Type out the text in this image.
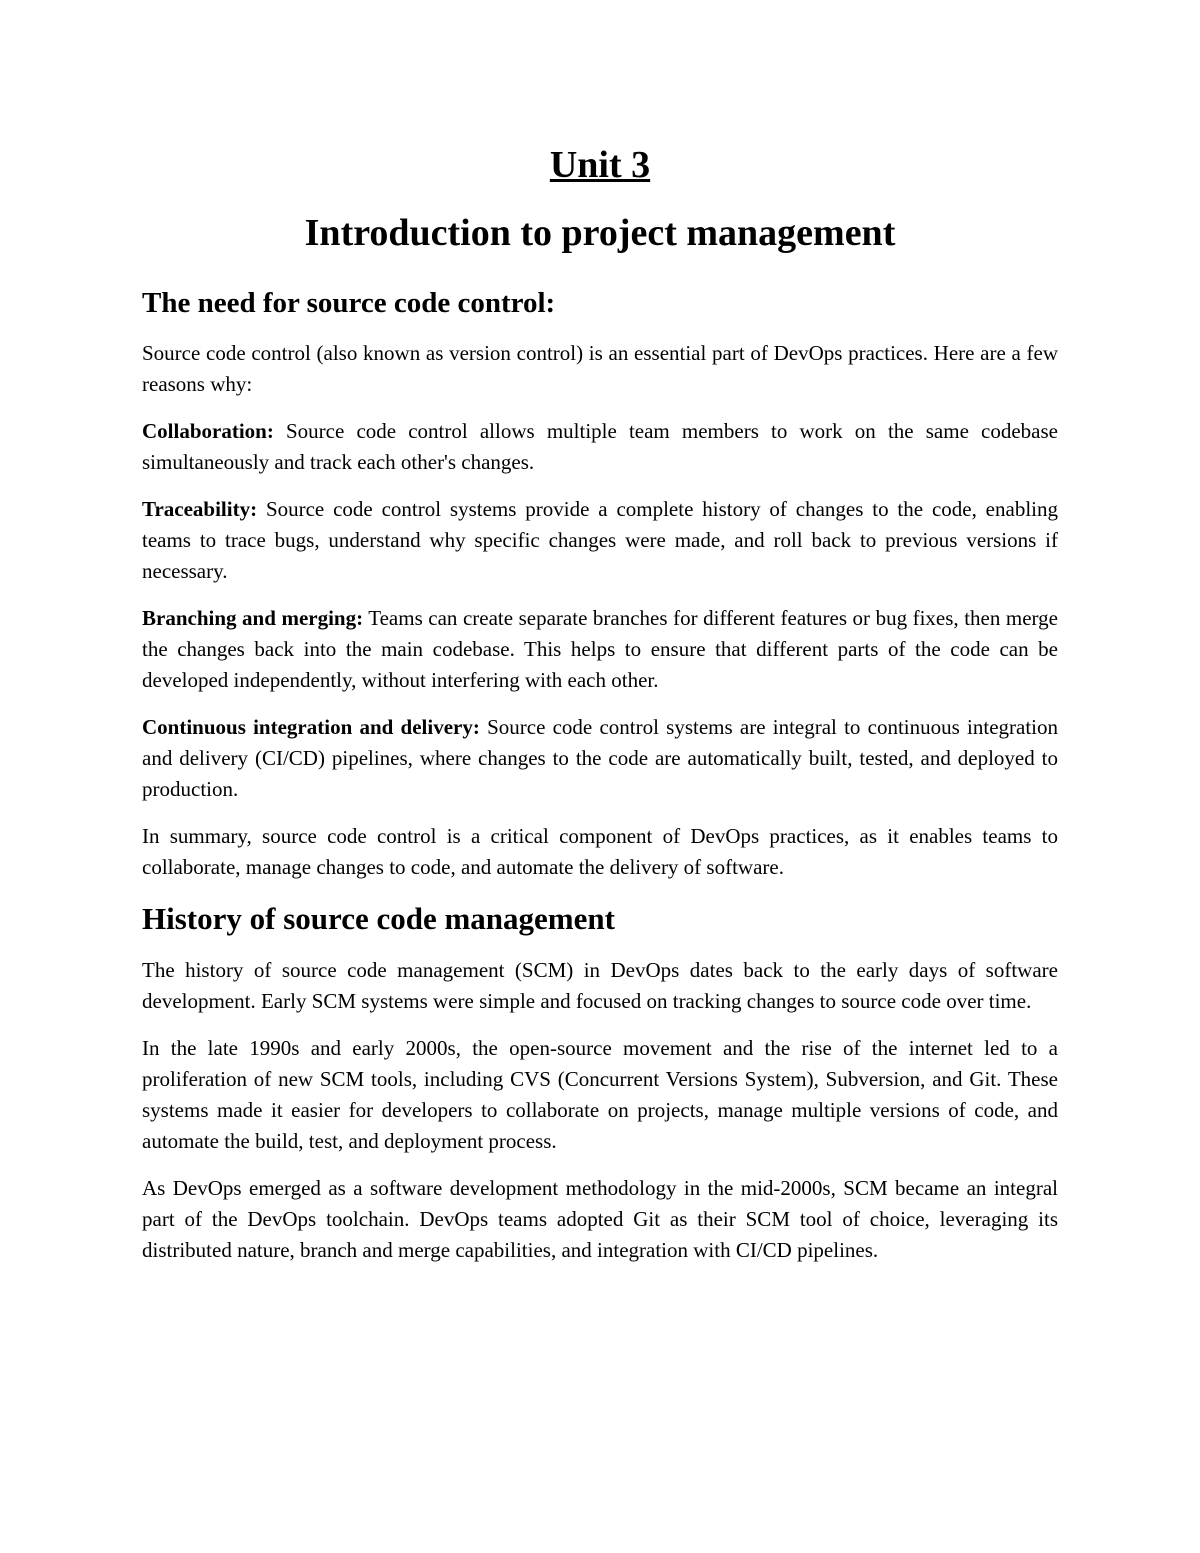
Unit 3
Introduction to project management
The need for source code control:

Source code control (also known as version control) is an essential part of DevOps practices. Here are a few reasons why:

Collaboration: Source code control allows multiple team members to work on the same codebase simultaneously and track each other's changes.

Traceability: Source code control systems provide a complete history of changes to the code, enabling teams to trace bugs, understand why specific changes were made, and roll back to previous versions if necessary.

Branching and merging: Teams can create separate branches for different features or bug fixes, then merge the changes back into the main codebase. This helps to ensure that different parts of the code can be developed independently, without interfering with each other.

Continuous integration and delivery: Source code control systems are integral to continuous integration and delivery (CI/CD) pipelines, where changes to the code are automatically built, tested, and deployed to production.

In summary, source code control is a critical component of DevOps practices, as it enables teams to collaborate, manage changes to code, and automate the delivery of software.

History of source code management

The history of source code management (SCM) in DevOps dates back to the early days of software development. Early SCM systems were simple and focused on tracking changes to source code over time.

In the late 1990s and early 2000s, the open-source movement and the rise of the internet led to a proliferation of new SCM tools, including CVS (Concurrent Versions System), Subversion, and Git. These systems made it easier for developers to collaborate on projects, manage multiple versions of code, and automate the build, test, and deployment process.

As DevOps emerged as a software development methodology in the mid-2000s, SCM became an integral part of the DevOps toolchain. DevOps teams adopted Git as their SCM tool of choice, leveraging its distributed nature, branch and merge capabilities, and integration with CI/CD pipelines.
